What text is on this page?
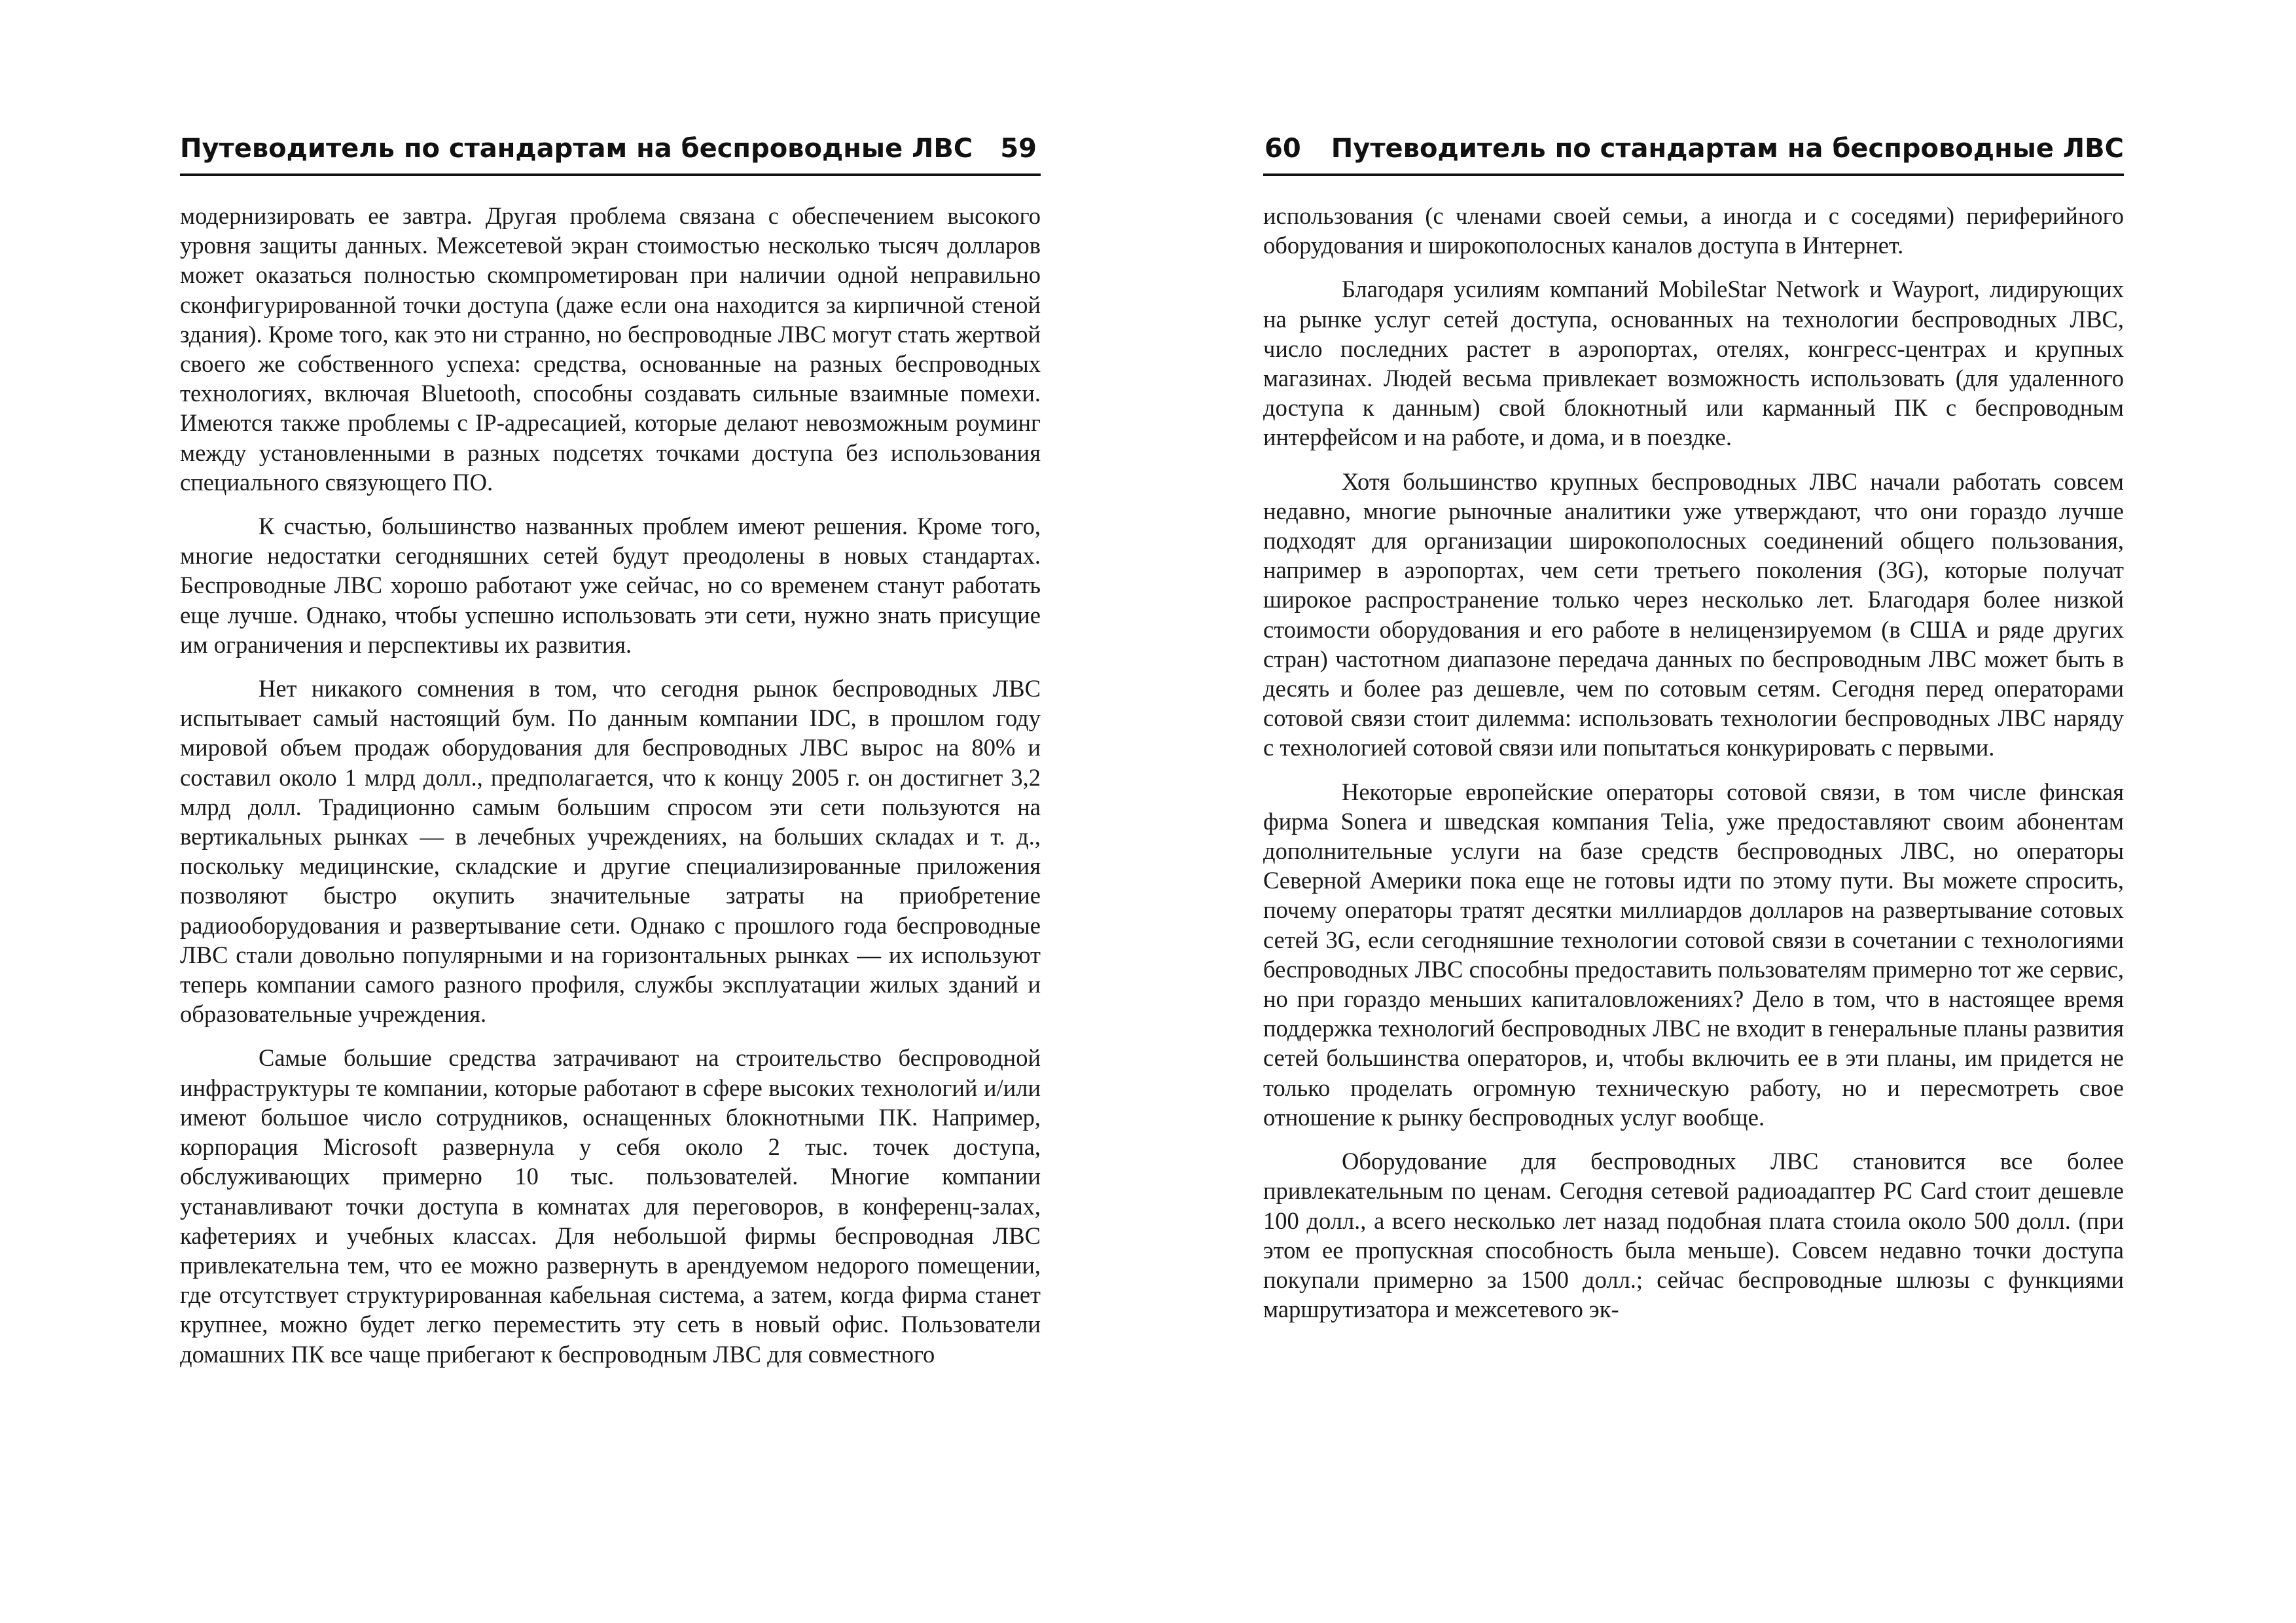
Путеводитель по стандартам на беспроводные ЛВС 59

модернизировать ее завтра. Другая проблема связана с обеспечением высокого уровня защиты данных. Межсетевой экран стоимостью несколько тысяч долларов может оказаться полностью скомпрометирован при наличии одной неправильно сконфигурированной точки доступа (даже если она находится за кирпичной стеной здания). Кроме того, как это ни странно, но беспроводные ЛВС могут стать жертвой своего же собственного успеха: средства, основанные на разных беспроводных технологиях, включая Bluetooth, способны создавать сильные взаимные помехи. Имеются также проблемы с IP-адресацией, которые делают невозможным роуминг между установленными в разных подсетях точками доступа без использования специального связующего ПО.

К счастью, большинство названных проблем имеют решения. Кроме того, многие недостатки сегодняшних сетей будут преодолены в новых стандартах. Беспроводные ЛВС хорошо работают уже сейчас, но со временем станут работать еще лучше. Однако, чтобы успешно использовать эти сети, нужно знать присущие им ограничения и перспективы их развития.

Нет никакого сомнения в том, что сегодня рынок беспроводных ЛВС испытывает самый настоящий бум. По данным компании IDC, в прошлом году мировой объем продаж оборудования для беспроводных ЛВС вырос на 80% и составил около 1 млрд долл., предполагается, что к концу 2005 г. он достигнет 3,2 млрд долл. Традиционно самым большим спросом эти сети пользуются на вертикальных рынках — в лечебных учреждениях, на больших складах и т. д., поскольку медицинские, складские и другие специализированные приложения позволяют быстро окупить значительные затраты на приобретение радиооборудования и развертывание сети. Однако с прошлого года беспроводные ЛВС стали довольно популярными и на горизонтальных рынках — их используют теперь компании самого разного профиля, службы эксплуатации жилых зданий и образовательные учреждения.

Самые большие средства затрачивают на строительство беспроводной инфраструктуры те компании, которые работают в сфере высоких технологий и/или имеют большое число сотрудников, оснащенных блокнотными ПК. Например, корпорация Microsoft развернула у себя около 2 тыс. точек доступа, обслуживающих примерно 10 тыс. пользователей. Многие компании устанавливают точки доступа в комнатах для переговоров, в конференц-залах, кафетериях и учебных классах. Для небольшой фирмы беспроводная ЛВС привлекательна тем, что ее можно развернуть в арендуемом недорого помещении, где отсутствует структурированная кабельная система, а затем, когда фирма станет крупнее, можно будет легко переместить эту сеть в новый офис. Пользователи домашних ПК все чаще прибегают к беспроводным ЛВС для совместного

60 Путеводитель по стандартам на беспроводные ЛВС

использования (с членами своей семьи, а иногда и с соседями) периферийного оборудования и широкополосных каналов доступа в Интернет.

Благодаря усилиям компаний MobileStar Network и Wayport, лидирующих на рынке услуг сетей доступа, основанных на технологии беспроводных ЛВС, число последних растет в аэропортах, отелях, конгресс-центрах и крупных магазинах. Людей весьма привлекает возможность использовать (для удаленного доступа к данным) свой блокнотный или карманный ПК с беспроводным интерфейсом и на работе, и дома, и в поездке.

Хотя большинство крупных беспроводных ЛВС начали работать совсем недавно, многие рыночные аналитики уже утверждают, что они гораздо лучше подходят для организации широкополосных соединений общего пользования, например в аэропортах, чем сети третьего поколения (3G), которые получат широкое распространение только через несколько лет. Благодаря более низкой стоимости оборудования и его работе в нелицензируемом (в США и ряде других стран) частотном диапазоне передача данных по беспроводным ЛВС может быть в десять и более раз дешевле, чем по сотовым сетям. Сегодня перед операторами сотовой связи стоит дилемма: использовать технологии беспроводных ЛВС наряду с технологией сотовой связи или попытаться конкурировать с первыми.

Некоторые европейские операторы сотовой связи, в том числе финская фирма Sonera и шведская компания Telia, уже предоставляют своим абонентам дополнительные услуги на базе средств беспроводных ЛВС, но операторы Северной Америки пока еще не готовы идти по этому пути. Вы можете спросить, почему операторы тратят десятки миллиардов долларов на развертывание сотовых сетей 3G, если сегодняшние технологии сотовой связи в сочетании с технологиями беспроводных ЛВС способны предоставить пользователям примерно тот же сервис, но при гораздо меньших капиталовложениях? Дело в том, что в настоящее время поддержка технологий беспроводных ЛВС не входит в генеральные планы развития сетей большинства операторов, и, чтобы включить ее в эти планы, им придется не только проделать огромную техническую работу, но и пересмотреть свое отношение к рынку беспроводных услуг вообще.

Оборудование для беспроводных ЛВС становится все более привлекательным по ценам. Сегодня сетевой радиоадаптер PC Card стоит дешевле 100 долл., а всего несколько лет назад подобная плата стоила около 500 долл. (при этом ее пропускная способность была меньше). Совсем недавно точки доступа покупали примерно за 1500 долл.; сейчас беспроводные шлюзы с функциями маршрутизатора и межсетевого эк-
